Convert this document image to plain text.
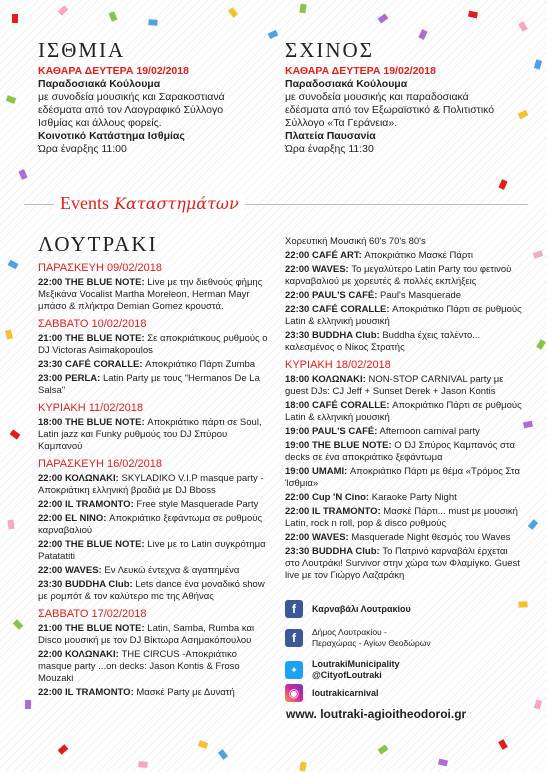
ΙΣΘΜΙΑ
ΚΑΘΑΡΑ ΔΕΥΤΕΡΑ 19/02/2018
Παραδοσιακά Κούλουμα
με συνοδεία μουσικής και Σαρακοστιανά
εδέσματα από τον Λαογραφικό Σύλλογο
Ισθμίας και άλλους φορείς.
Κοινοτικό Κατάστημα Ισθμίας
Ώρα έναρξης 11:00
ΣΧΙΝΟΣ
ΚΑΘΑΡΑ ΔΕΥΤΕΡΑ 19/02/2018
Παραδοσιακά Κούλουμα
με συνοδεία μουσικής και παραδοσιακά
εδέσματα από τον Εξωραϊστικό & Πολιτιστικό
Σύλλογο «Τα Γεράνεια».
Πλατεία Παυσανία
Ώρα έναρξης 11:30
Events Καταστημάτων
ΛΟΥΤΡΑΚΙ
ΠΑΡΑΣΚΕΥΗ 09/02/2018
22:00 THE BLUE NOTE: Live με την διεθνούς φήμης Μεξικάνα Vocalist Martha Moreleon, Herman Mayr μπάσο & πλήκτρα Demian Gomez κρουστά.
ΣΑΒΒΑΤΟ 10/02/2018
21:00 THE BLUE NOTE: Σε αποκριάτικους ρυθμούς ο DJ Victoras Asimakopoulos
23:30 CAFÉ CORALLE: Αποκριάτικο Πάρτι Zumba
23:00 PERLA: Latin Party με τους "Hermanos De La Salsa"
ΚΥΡΙΑΚΗ 11/02/2018
18:00 THE BLUE NOTE: Αποκριάτικο πάρτι σε Soul, Latin jazz και Funky ρυθμούς του DJ Σπύρου Καμπανού
ΠΑΡΑΣΚΕΥΗ 16/02/2018
22:00 ΚΟΛΩΝΑΚΙ: SKYLADIKO V.I.P masque party - Αποκριάτικη ελληνική βραδιά με DJ Bboss
22:00 IL TRAMONTO: Free style Masquerade Party
22:00 EL NINO: Αποκριάτικο ξεφάντωμα σε ρυθμούς καρναβαλιού
22:00 THE BLUE NOTE: Live με το Latin συγκρότημα Patatatiti
22:00 WAVES: Εν Λευκώ έντεχνα & αγαπημένα
23:30 BUDDHA Club: Lets dance ένα μοναδικό show με ρομπότ & τον καλύτερο mc της Αθήνας
ΣΑΒΒΑΤΟ 17/02/2018
21:00 THE BLUE NOTE: Latin, Samba, Rumba και Disco μουσική με τον DJ Βίκτωρα Ασημακόπουλου
22:00 ΚΟΛΩΝΑΚΙ: THE CIRCUS -Αποκριάτικο masque party ...on decks: Jason Kontis & Froso Mouzaki
22:00 IL TRAMONTO: Μασκέ Party με Δυνατή
Χορευτική Μουσική 60's 70's 80's
22:00 CAFÉ ART: Αποκριάτικο Μασκέ Πάρτι
22:00 WAVES: Το μεγαλύτερο Latin Party του φετινού καρναβαλιού με χορευτές & πολλές εκπλήξεις
22:00 PAUL'S CAFÉ: Paul's Masquerade
22:30 CAFÉ CORALLE: Αποκριάτικο Πάρτι σε ρυθμούς Latin & ελληνική μουσική
23:30 BUDDHA Club: Buddha έχεις ταλέντο... καλεσμένος ο Νίκος Στρατής
ΚΥΡΙΑΚΗ 18/02/2018
18:00 ΚΟΛΩΝΑΚΙ: NON-STOP CARNIVAL party με guest DJs: CJ Jeff + Sunset Derek + Jason Kontis
18:00 CAFÉ CORALLE: Αποκριάτικο Πάρτι σε ρυθμούς Latin & ελληνική μουσική
19:00 PAUL'S CAFÉ: Afternoon carnival party
19:00 THE BLUE NOTE: Ο DJ Σπύρος Καμπανός στα decks σε ένα αποκριάτικο ξεφάντωμα
19:00 UMAMI: Αποκριάτικο Πάρτι με θέμα «Τρόμος Στα Ίσθμια»
22:00 Cup 'N Cino: Karaoke Party Night
22:00 IL TRAMONTO: Μασκέ Πάρτι... must με μουσική Latin, rock n roll, pop & disco ρυθμούς
22:00 WAVES: Masquerade Night θεσμός του Waves
23:30 BUDDHA Club: Το Πατρινό καρναβάλι έρχεται στο Λουτράκι! Survivor στην χώρα των Φλαμίγκο. Guest live με τον Γιώργο Λαζαράκη
f	Καρναβάλι Λουτρακίου
f	Δήμος Λουτρακίου - Περαχώρας - Αγίων Θεοδώρων
✦
LoutrakiMunicipality
@CityofLoutraki
◉	loutrakicarnival
www. loutraki-agioitheodoroi.gr
